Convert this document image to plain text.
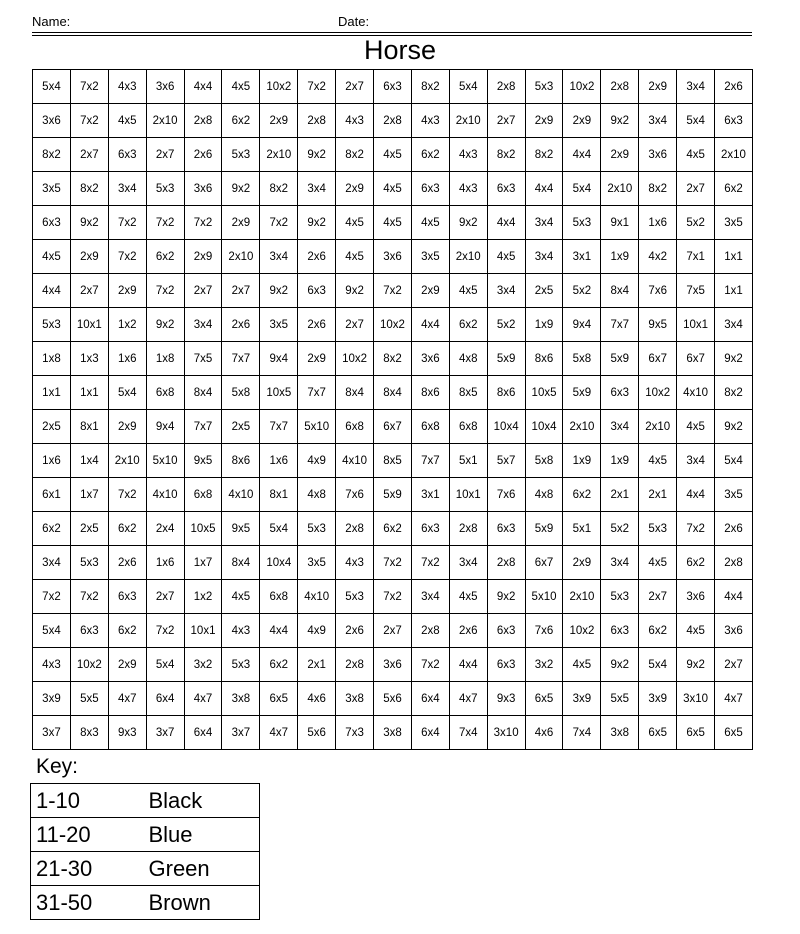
Name:	Date:
Horse
5x4	7x2	4x3	3x6	4x4	4x5	10x2	7x2	2x7	6x3	8x2	5x4	2x8	5x3	10x2	2x8	2x9	3x4	2x6
3x6	7x2	4x5	2x10	2x8	6x2	2x9	2x8	4x3	2x8	4x3	2x10	2x7	2x9	2x9	9x2	3x4	5x4	6x3
8x2	2x7	6x3	2x7	2x6	5x3	2x10	9x2	8x2	4x5	6x2	4x3	8x2	8x2	4x4	2x9	3x6	4x5	2x10
3x5	8x2	3x4	5x3	3x6	9x2	8x2	3x4	2x9	4x5	6x3	4x3	6x3	4x4	5x4	2x10	8x2	2x7	6x2
6x3	9x2	7x2	7x2	7x2	2x9	7x2	9x2	4x5	4x5	4x5	9x2	4x4	3x4	5x3	9x1	1x6	5x2	3x5
4x5	2x9	7x2	6x2	2x9	2x10	3x4	2x6	4x5	3x6	3x5	2x10	4x5	3x4	3x1	1x9	4x2	7x1	1x1
4x4	2x7	2x9	7x2	2x7	2x7	9x2	6x3	9x2	7x2	2x9	4x5	3x4	2x5	5x2	8x4	7x6	7x5	1x1
5x3	10x1	1x2	9x2	3x4	2x6	3x5	2x6	2x7	10x2	4x4	6x2	5x2	1x9	9x4	7x7	9x5	10x1	3x4
1x8	1x3	1x6	1x8	7x5	7x7	9x4	2x9	10x2	8x2	3x6	4x8	5x9	8x6	5x8	5x9	6x7	6x7	9x2
1x1	1x1	5x4	6x8	8x4	5x8	10x5	7x7	8x4	8x4	8x6	8x5	8x6	10x5	5x9	6x3	10x2	4x10	8x2
2x5	8x1	2x9	9x4	7x7	2x5	7x7	5x10	6x8	6x7	6x8	6x8	10x4	10x4	2x10	3x4	2x10	4x5	9x2
1x6	1x4	2x10	5x10	9x5	8x6	1x6	4x9	4x10	8x5	7x7	5x1	5x7	5x8	1x9	1x9	4x5	3x4	5x4
6x1	1x7	7x2	4x10	6x8	4x10	8x1	4x8	7x6	5x9	3x1	10x1	7x6	4x8	6x2	2x1	2x1	4x4	3x5
6x2	2x5	6x2	2x4	10x5	9x5	5x4	5x3	2x8	6x2	6x3	2x8	6x3	5x9	5x1	5x2	5x3	7x2	2x6
3x4	5x3	2x6	1x6	1x7	8x4	10x4	3x5	4x3	7x2	7x2	3x4	2x8	6x7	2x9	3x4	4x5	6x2	2x8
7x2	7x2	6x3	2x7	1x2	4x5	6x8	4x10	5x3	7x2	3x4	4x5	9x2	5x10	2x10	5x3	2x7	3x6	4x4
5x4	6x3	6x2	7x2	10x1	4x3	4x4	4x9	2x6	2x7	2x8	2x6	6x3	7x6	10x2	6x3	6x2	4x5	3x6
4x3	10x2	2x9	5x4	3x2	5x3	6x2	2x1	2x8	3x6	7x2	4x4	6x3	3x2	4x5	9x2	5x4	9x2	2x7
3x9	5x5	4x7	6x4	4x7	3x8	6x5	4x6	3x8	5x6	6x4	4x7	9x3	6x5	3x9	5x5	3x9	3x10	4x7
3x7	8x3	9x3	3x7	6x4	3x7	4x7	5x6	7x3	3x8	6x4	7x4	3x10	4x6	7x4	3x8	6x5	6x5	6x5
Key:
1-10	Black
11-20	Blue
21-30	Green
31-50	Brown
